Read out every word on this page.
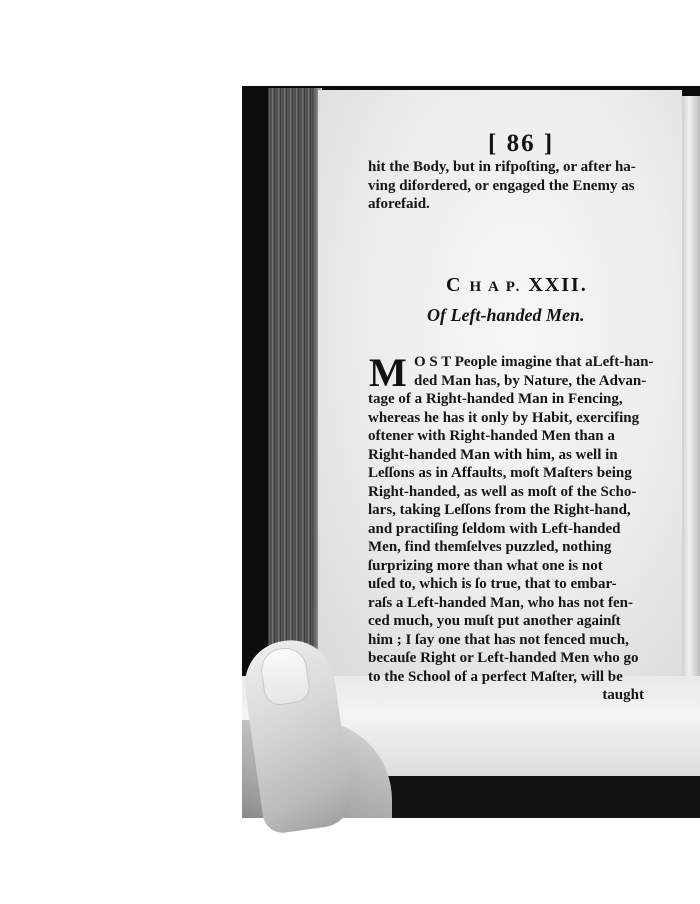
[ 86 ]
hit the Body, but in rifpoſting, or after ha-
ving difordered, or engaged the Enemy as
aforefaid.
C H A P. XXII.
Of Left-handed Men.
M O S T People imagine that aLeft-han-
ded Man has, by Nature, the Advan-
tage of a Right-handed Man in Fencing,
whereas he has it only by Habit, exercifing
oftener with Right-handed Men than a
Right-handed Man with him, as well in
Leſſons as in Affaults, moſt Maſters being
Right-handed, as well as moſt of the Scho-
lars, taking Leſſons from the Right-hand,
and practiſing ſeldom with Left-handed
Men, find themſelves puzzled, nothing
ſurprizing more than what one is not
uſed to, which is ſo true, that to embar-
raſs a Left-handed Man, who has not fen-
ced much, you muſt put another againſt
him ; I ſay one that has not fenced much,
becauſe Right or Left-handed Men who go
to the School of a perfect Maſter, will be
taught
